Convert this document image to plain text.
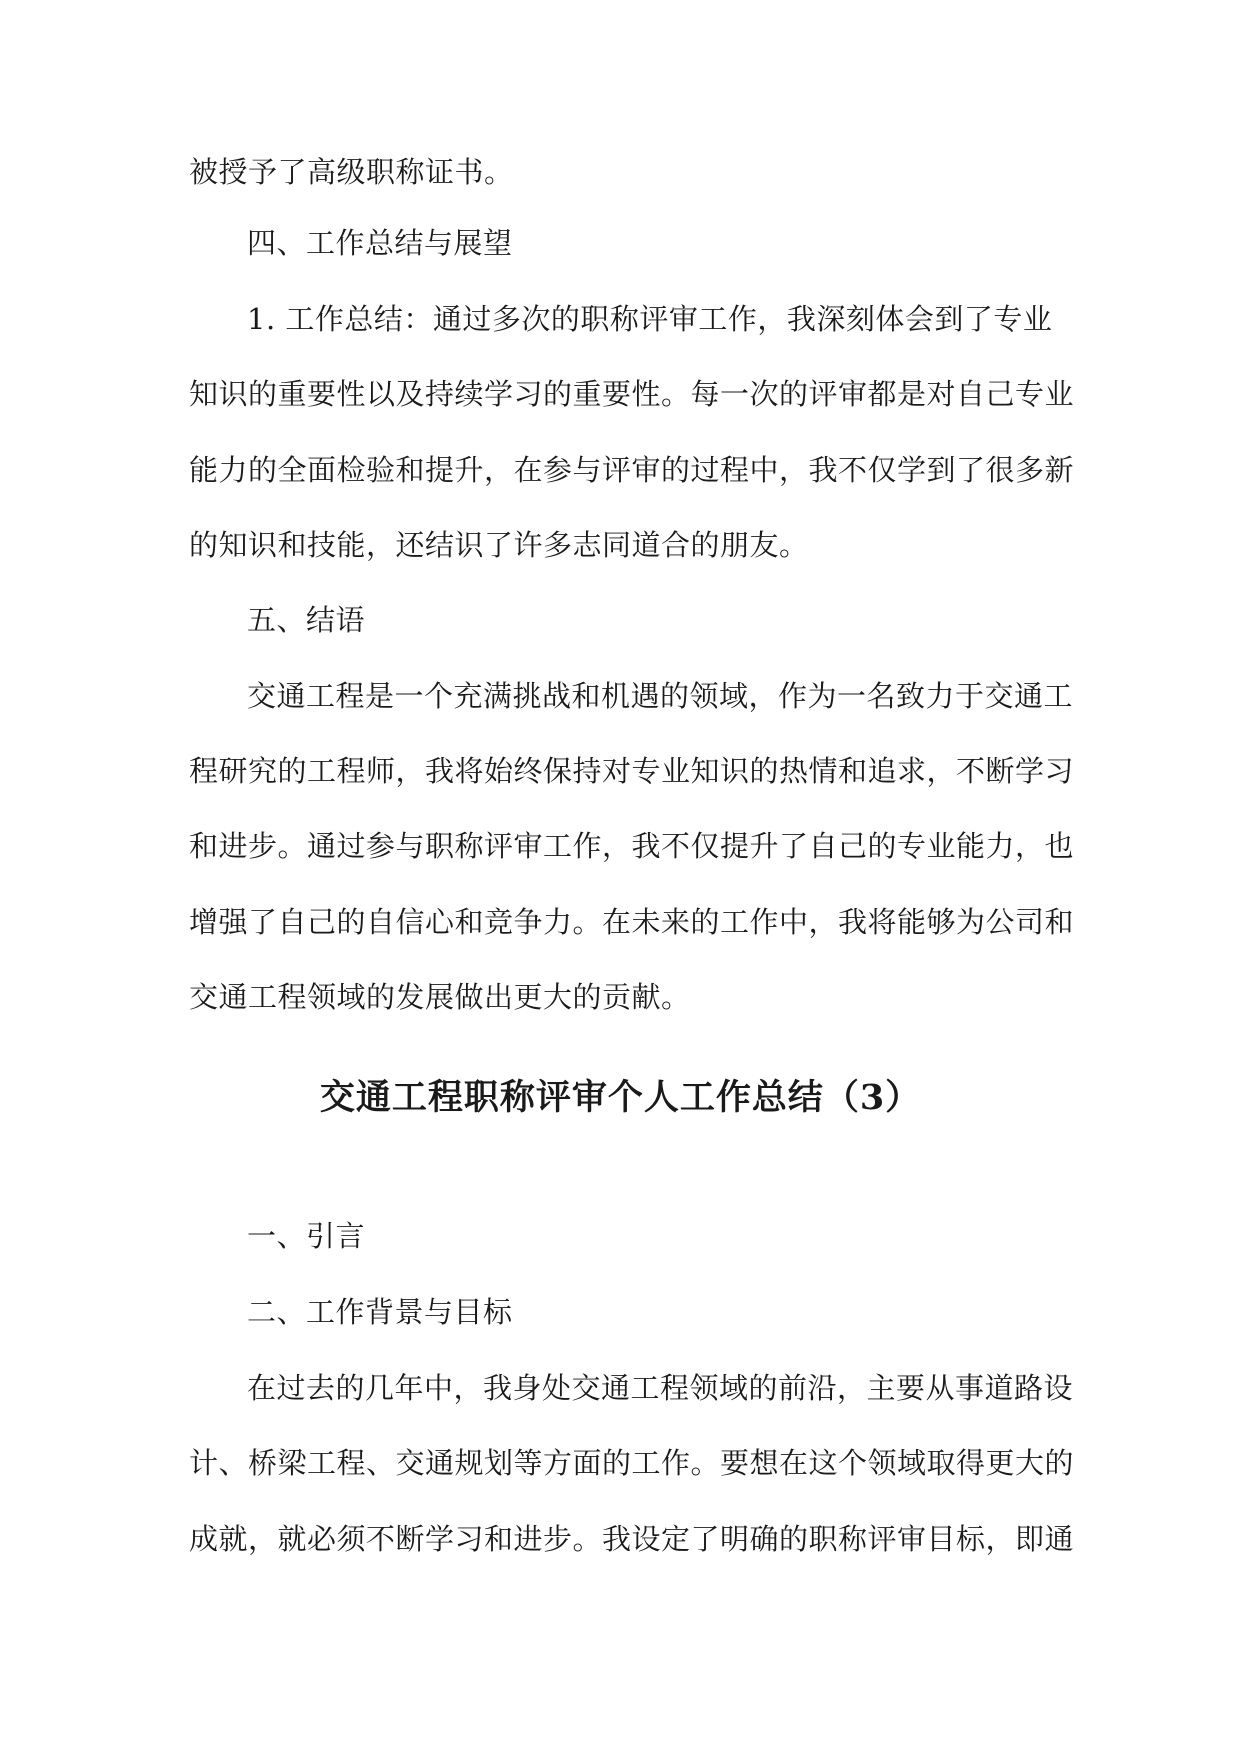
被授予了高级职称证书。
四、工作总结与展望
1. 工作总结：通过多次的职称评审工作，我深刻体会到了专业
知识的重要性以及持续学习的重要性。每一次的评审都是对自己专业
能力的全面检验和提升，在参与评审的过程中，我不仅学到了很多新
的知识和技能，还结识了许多志同道合的朋友。
五、结语
交通工程是一个充满挑战和机遇的领域，作为一名致力于交通工
程研究的工程师，我将始终保持对专业知识的热情和追求，不断学习
和进步。通过参与职称评审工作，我不仅提升了自己的专业能力，也
增强了自己的自信心和竞争力。在未来的工作中，我将能够为公司和
交通工程领域的发展做出更大的贡献。
交通工程职称评审个人工作总结（3）
一、引言
二、工作背景与目标
在过去的几年中，我身处交通工程领域的前沿，主要从事道路设
计、桥梁工程、交通规划等方面的工作。要想在这个领域取得更大的
成就，就必须不断学习和进步。我设定了明确的职称评审目标，即通
